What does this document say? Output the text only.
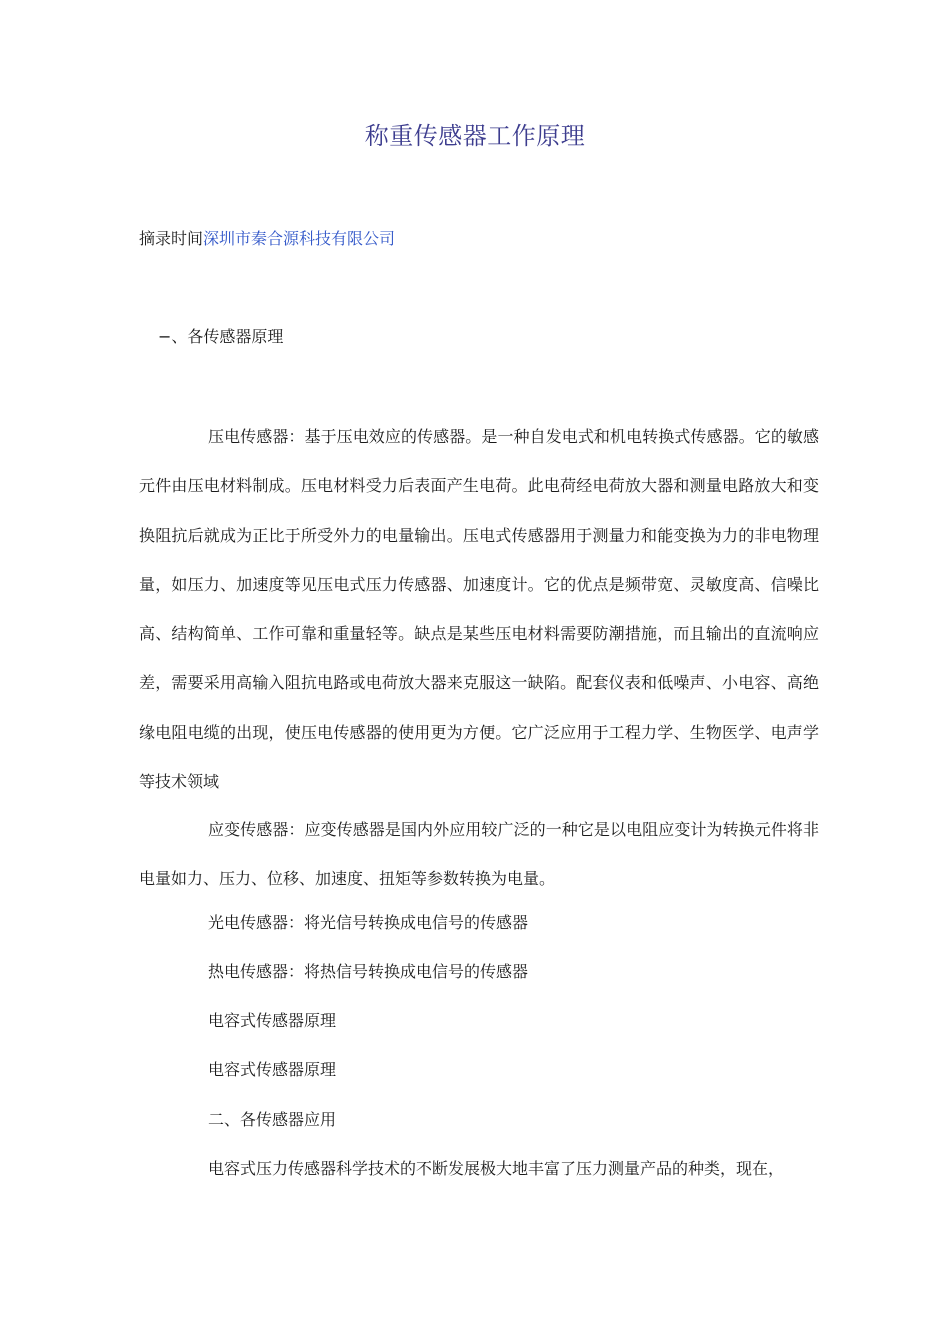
称重传感器工作原理
摘录时间深圳市秦合源科技有限公司
−、各传感器原理
压电传感器：基于压电效应的传感器。是一种自发电式和机电转换式传感器。它的敏感元件由压电材料制成。压电材料受力后表面产生电荷。此电荷经电荷放大器和测量电路放大和变换阻抗后就成为正比于所受外力的电量输出。压电式传感器用于测量力和能变换为力的非电物理量，如压力、加速度等见压电式压力传感器、加速度计。它的优点是频带宽、灵敏度高、信噪比高、结构简单、工作可靠和重量轻等。缺点是某些压电材料需要防潮措施，而且输出的直流响应差，需要采用高输入阻抗电路或电荷放大器来克服这一缺陷。配套仪表和低噪声、小电容、高绝缘电阻电缆的出现，使压电传感器的使用更为方便。它广泛应用于工程力学、生物医学、电声学等技术领域
应变传感器：应变传感器是国内外应用较广泛的一种它是以电阻应变计为转换元件将非电量如力、压力、位移、加速度、扭矩等参数转换为电量。
光电传感器：将光信号转换成电信号的传感器
热电传感器：将热信号转换成电信号的传感器
电容式传感器原理
电容式传感器原理
二、各传感器应用
电容式压力传感器科学技术的不断发展极大地丰富了压力测量产品的种类，现在，
